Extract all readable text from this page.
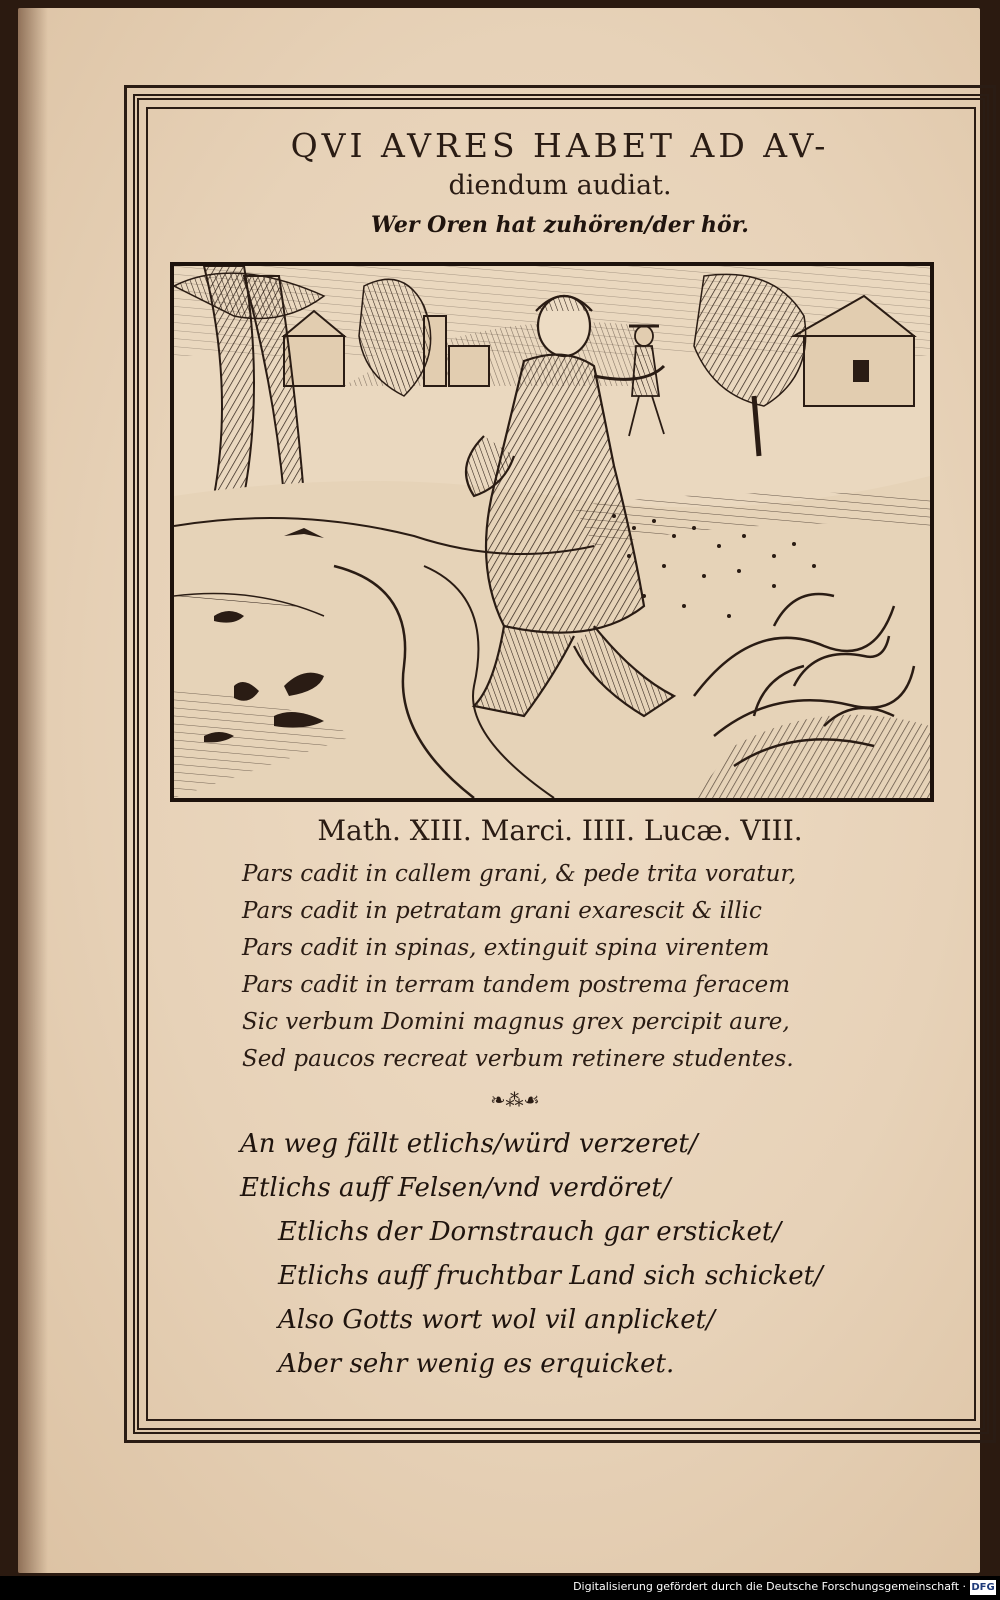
QVI AVRES HABET AD AV-
diendum audiat.
Wer Oren hat zuhören/der hör.
Math. XIII. Marci. IIII. Lucæ. VIII.
Pars cadit in callem grani, & pede trita voratur,
Pars cadit in petratam grani exarescit & illic
Pars cadit in spinas, extinguit spina virentem
Pars cadit in terram tandem postrema feracem
Sic verbum Domini magnus grex percipit aure,
Sed paucos recreat verbum retinere studentes.
❧⁂☙
An weg fällt etlichs/würd verzeret/
Etlichs auff Felsen/vnd verdöret/
Etlichs der Dornstrauch gar ersticket/
Etlichs auff fruchtbar Land sich schicket/
Also Gotts wort wol vil anplicket/
Aber sehr wenig es erquicket.
Digitalisierung gefördert durch die Deutsche Forschungsgemeinschaft · DFG
